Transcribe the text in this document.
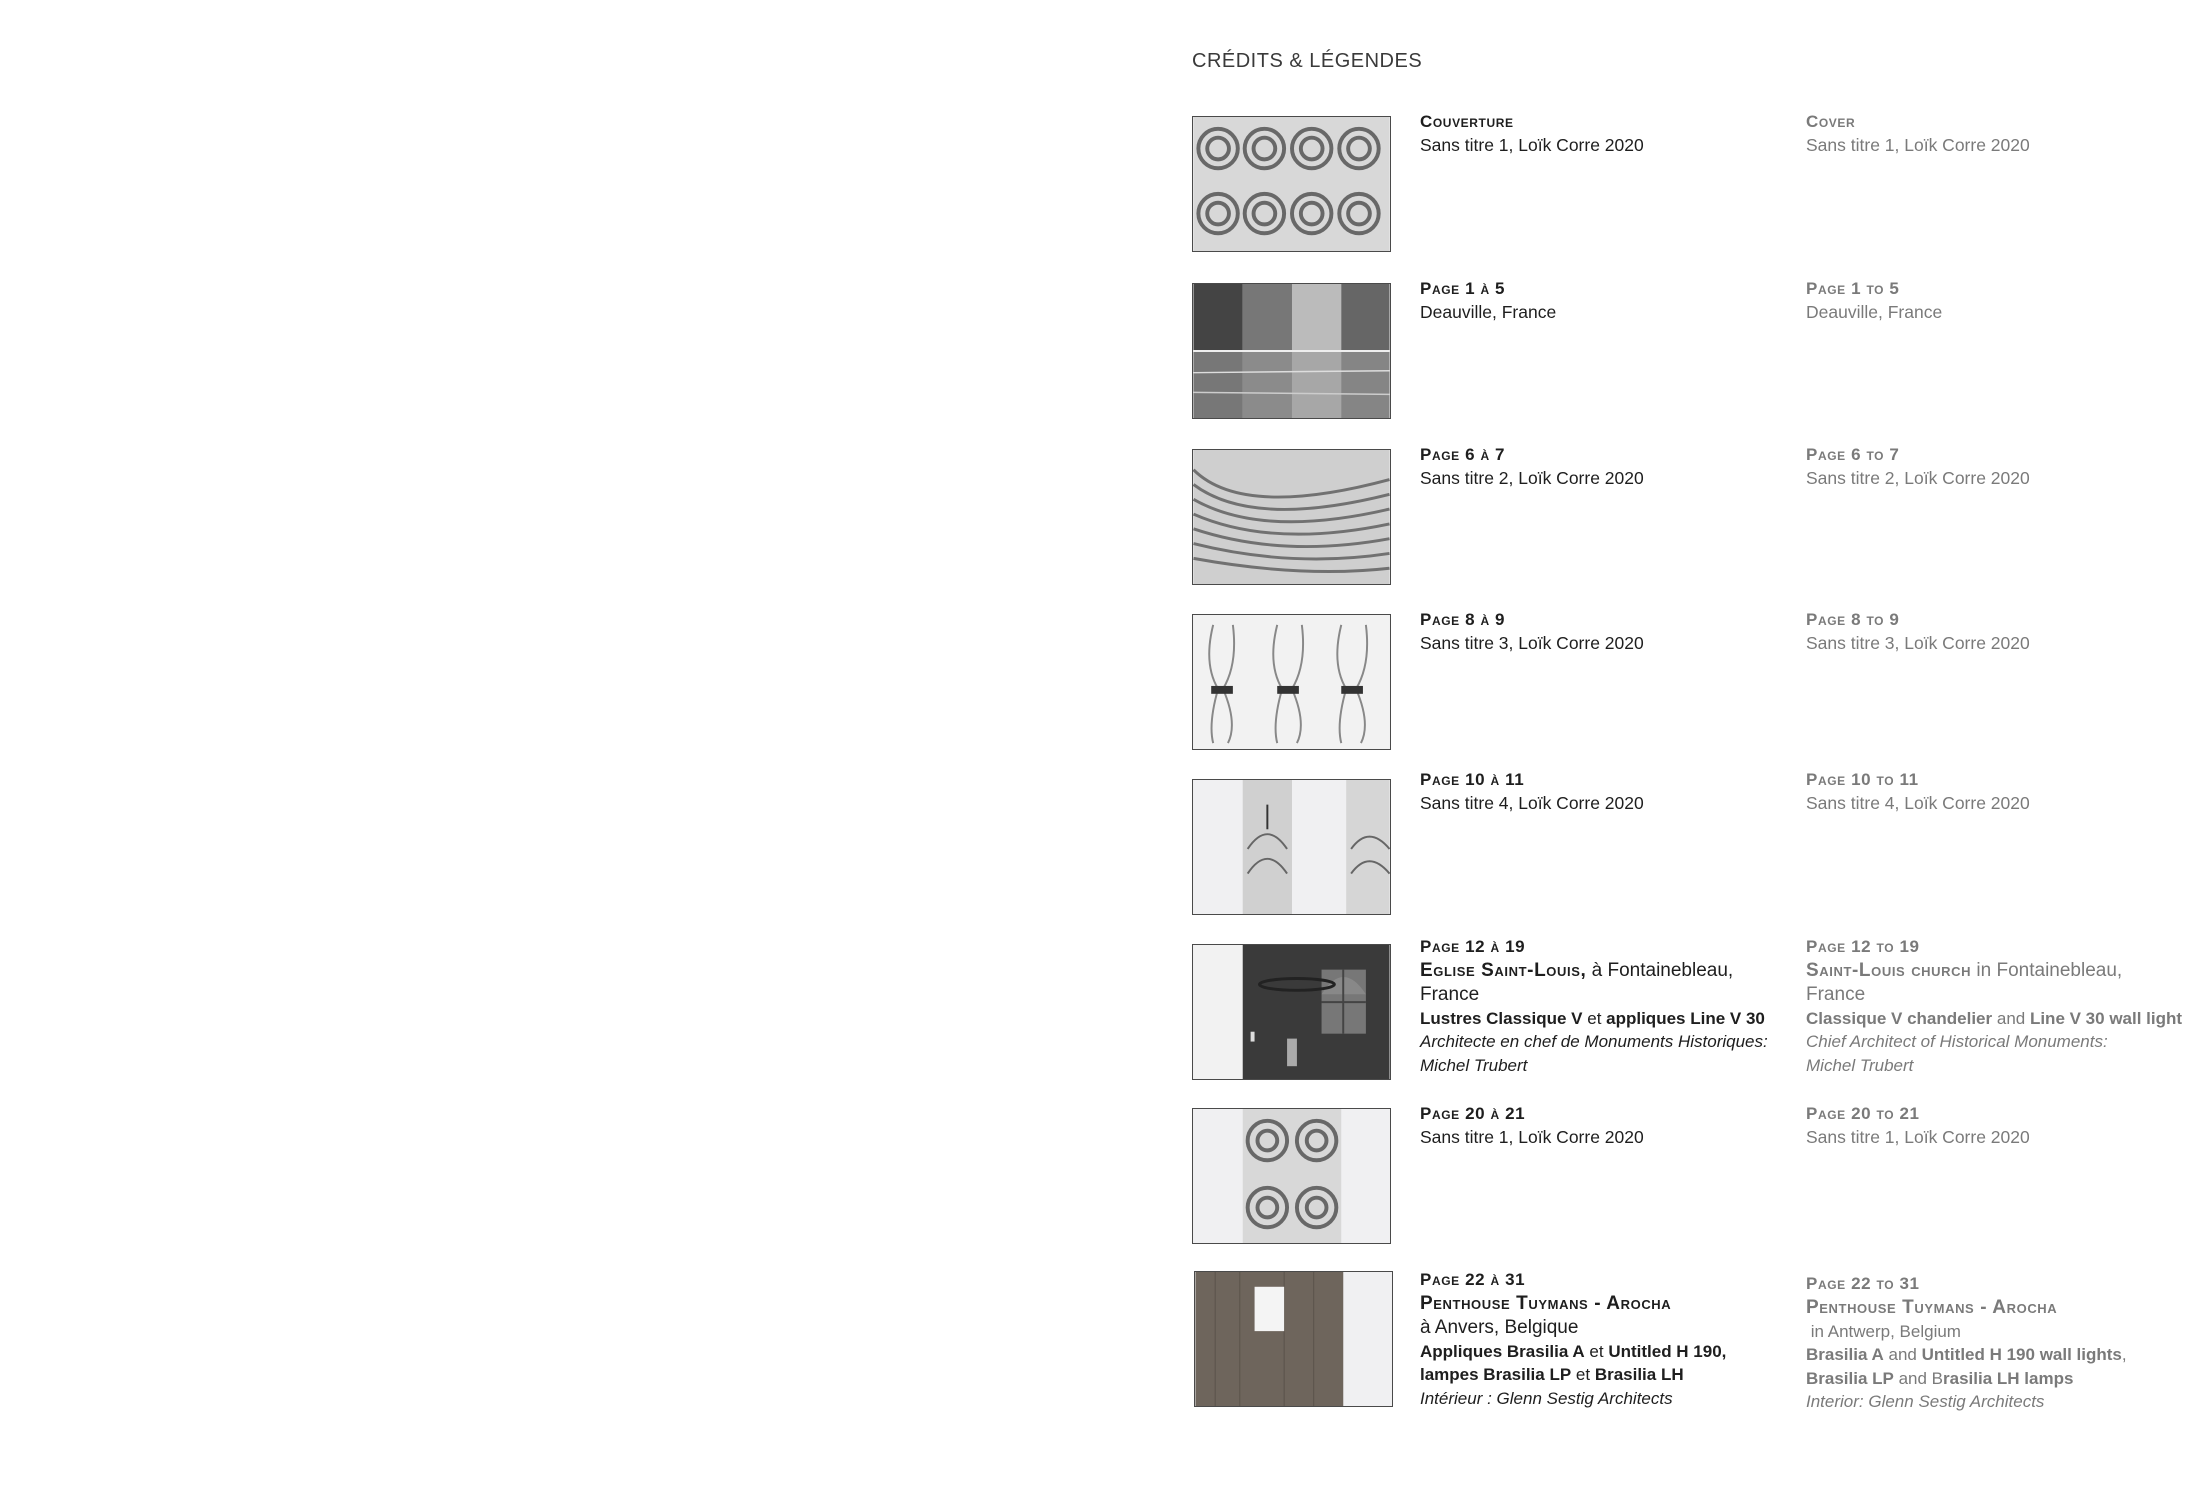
CRÉDITS & LÉGENDES
Couverture
Sans titre 1, Loïk Corre 2020
Cover
Sans titre 1, Loïk Corre 2020
Page 1 à 5
Deauville, France
Page 1 to 5
Deauville, France
Page 6 à 7
Sans titre 2, Loïk Corre 2020
Page 6 to 7
Sans titre 2, Loïk Corre 2020
Page 8 à 9
Sans titre 3, Loïk Corre 2020
Page 8 to 9
Sans titre 3, Loïk Corre 2020
Page 10 à 11
Sans titre 4, Loïk Corre 2020
Page 10 to 11
Sans titre 4, Loïk Corre 2020
Page 12 à 19
Eglise Saint-Louis, à Fontainebleau,
France
Lustres Classique V et appliques Line V 30
Architecte en chef de Monuments Historiques:
Michel Trubert
Page 12 to 19
Saint-Louis church in Fontainebleau,
France
Classique V chandelier and Line V 30 wall light
Chief Architect of Historical Monuments:
Michel Trubert
Page 20 à 21
Sans titre 1, Loïk Corre 2020
Page 20 to 21
Sans titre 1, Loïk Corre 2020
Page 22 à 31
Penthouse Tuymans - Arocha
à Anvers, Belgique
Appliques Brasilia A et Untitled H 190,
lampes Brasilia LP et Brasilia LH
Intérieur : Glenn Sestig Architects
Page 22 to 31
Penthouse Tuymans - Arocha
in Antwerp, Belgium
Brasilia A and Untitled H 190 wall lights,
Brasilia LP and Brasilia LH lamps
Interior: Glenn Sestig Architects
